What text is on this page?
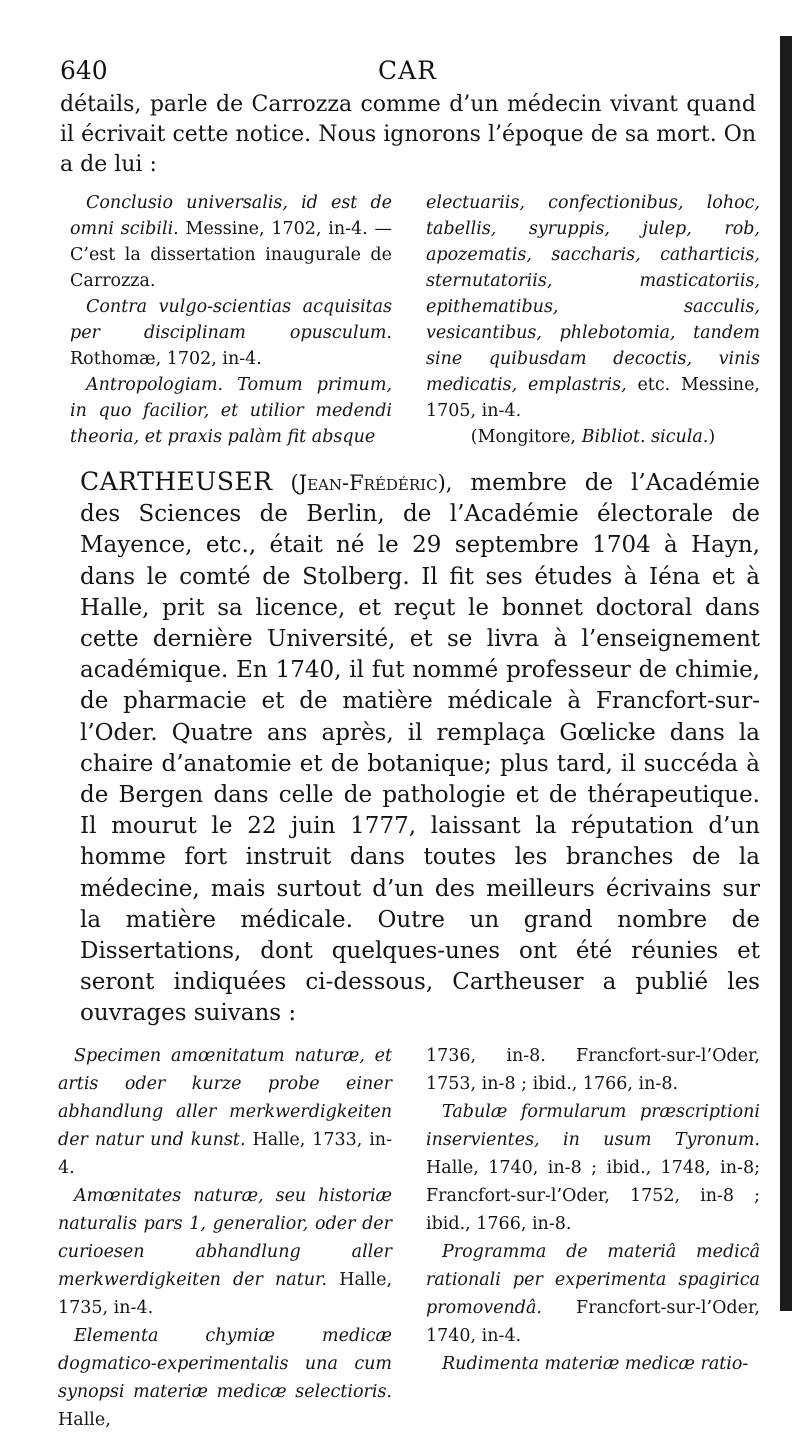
640	CAR

détails, parle de Carrozza comme d’un médecin vivant quand il écrivait cette notice. Nous ignorons l’époque de sa mort. On a de lui :

Conclusio universalis, id est de omni scibili. Messine, 1702, in-4. — C’est la dissertation inaugurale de Carrozza.

Contra vulgo-scientias acquisitas per disciplinam opusculum. Rothomæ, 1702, in-4.

Antropologiam. Tomum primum, in quo facilior, et utilior medendi theoria, et praxis palàm fit absque

electuariis, confectionibus, lohoc, tabellis, syruppis, julep, rob, apozematis, saccharis, catharticis, sternutatoriis, masticatoriis, epithematibus, sacculis, vesicantibus, phlebotomia, tandem sine quibusdam decoctis, vinis medicatis, emplastris, etc. Messine, 1705, in-4.

(Mongitore, Bibliot. sicula.)

CARTHEUSER (Jean-Frédéric), membre de l’Académie des Sciences de Berlin, de l’Académie électorale de Mayence, etc., était né le 29 septembre 1704 à Hayn, dans le comté de Stolberg. Il fit ses études à Iéna et à Halle, prit sa licence, et reçut le bonnet doctoral dans cette dernière Université, et se livra à l’enseignement académique. En 1740, il fut nommé professeur de chimie, de pharmacie et de matière médicale à Francfort-sur-l’Oder. Quatre ans après, il remplaça Gœlicke dans la chaire d’anatomie et de botanique; plus tard, il succéda à de Bergen dans celle de pathologie et de thérapeutique. Il mourut le 22 juin 1777, laissant la réputation d’un homme fort instruit dans toutes les branches de la médecine, mais surtout d’un des meilleurs écrivains sur la matière médicale. Outre un grand nombre de Dissertations, dont quelques-unes ont été réunies et seront indiquées ci-dessous, Cartheuser a publié les ouvrages suivans :

Specimen amœnitatum naturæ, et artis oder kurze probe einer abhandlung aller merkwerdigkeiten der natur und kunst. Halle, 1733, in-4.

Amœnitates naturæ, seu historiæ naturalis pars 1, generalior, oder der curioesen abhandlung aller merkwerdigkeiten der natur. Halle, 1735, in-4.

Elementa chymiæ medicæ dogmatico-experimentalis una cum synopsi materiæ medicæ selectioris. Halle,

1736, in-8. Francfort-sur-l’Oder, 1753, in-8 ; ibid., 1766, in-8.

Tabulæ formularum præscriptioni inservientes, in usum Tyronum. Halle, 1740, in-8 ; ibid., 1748, in-8; Francfort-sur-l’Oder, 1752, in-8 ; ibid., 1766, in-8.

Programma de materiâ medicâ rationali per experimenta spagirica promovendâ. Francfort-sur-l’Oder, 1740, in-4.

Rudimenta materiæ medicæ ratio-
